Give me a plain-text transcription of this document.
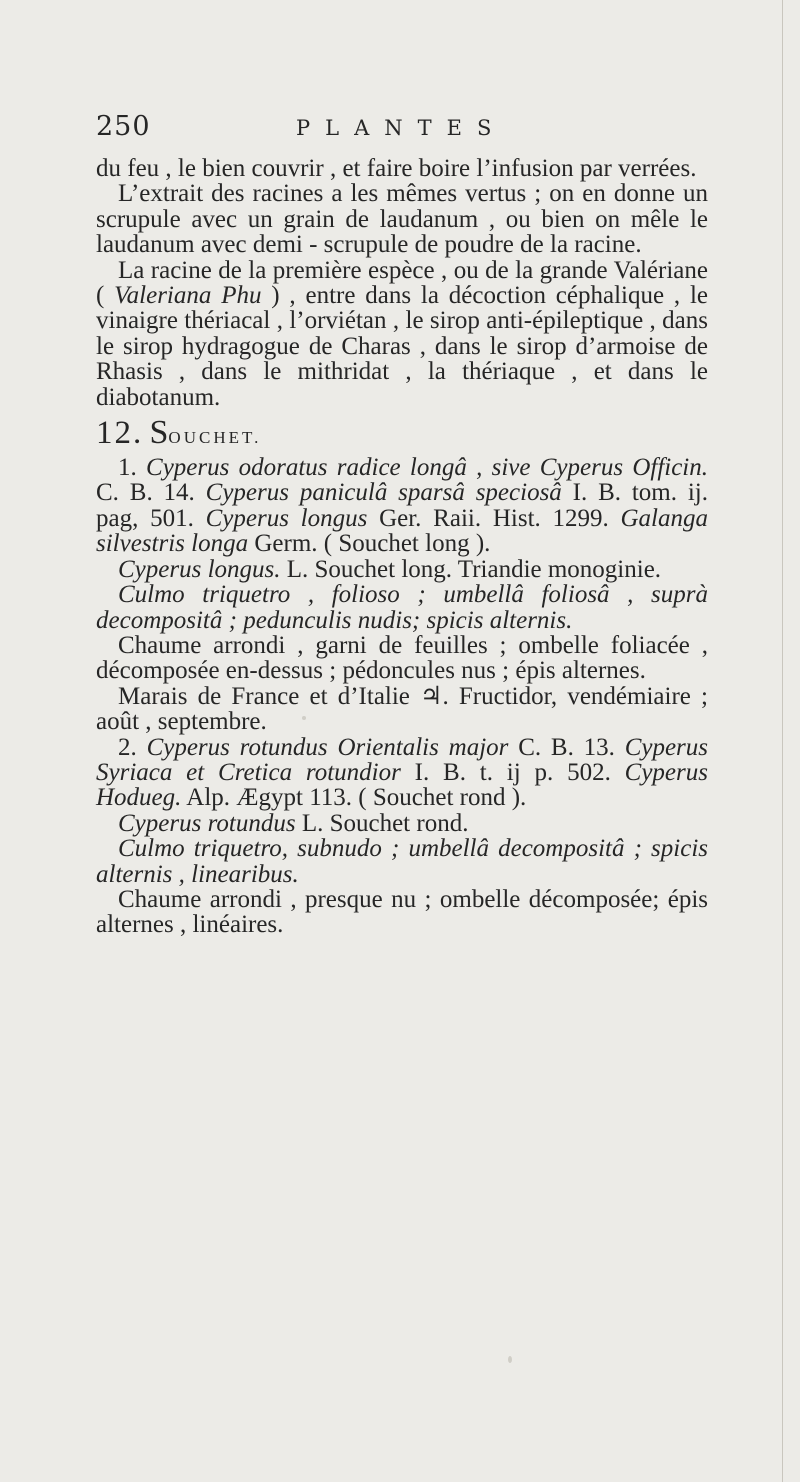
250	PLANTES

du feu , le bien couvrir , et faire boire l’infusion par verrées.

L’extrait des racines a les mêmes vertus ; on en donne un scrupule avec un grain de laudanum , ou bien on mêle le laudanum avec demi - scrupule de poudre de la racine.

La racine de la première espèce , ou de la grande Valériane ( Valeriana Phu ) , entre dans la décoction céphalique , le vinaigre thériacal , l’orviétan , le sirop anti-épileptique , dans le sirop hydragogue de Charas , dans le sirop d’armoise de Rhasis , dans le mithridat , la thériaque , et dans le diabotanum.

12. SOUCHET.

1. Cyperus odoratus radice longâ , sive Cyperus Officin. C. B. 14. Cyperus paniculâ sparsâ speciosâ I. B. tom. ij. pag, 501. Cyperus longus Ger. Raii. Hist. 1299. Galanga silvestris longa Germ. ( Souchet long ).

Cyperus longus. L. Souchet long. Triandie monoginie.

Culmo triquetro , folioso ; umbellâ foliosâ , suprà decompositâ ; pedunculis nudis; spicis alternis.

Chaume arrondi , garni de feuilles ; ombelle foliacée , décomposée en-dessus ; pédoncules nus ; épis alternes.

Marais de France et d’Italie ♃. Fructidor, vendémiaire ; août , septembre.

2. Cyperus rotundus Orientalis major C. B. 13. Cyperus Syriaca et Cretica rotundior I. B. t. ij p. 502. Cyperus Hodueg. Alp. Ægypt 113. ( Souchet rond ).

Cyperus rotundus L. Souchet rond.

Culmo triquetro, subnudo ; umbellâ decompositâ ; spicis alternis , linearibus.

Chaume arrondi , presque nu ; ombelle décomposée; épis alternes , linéaires.
